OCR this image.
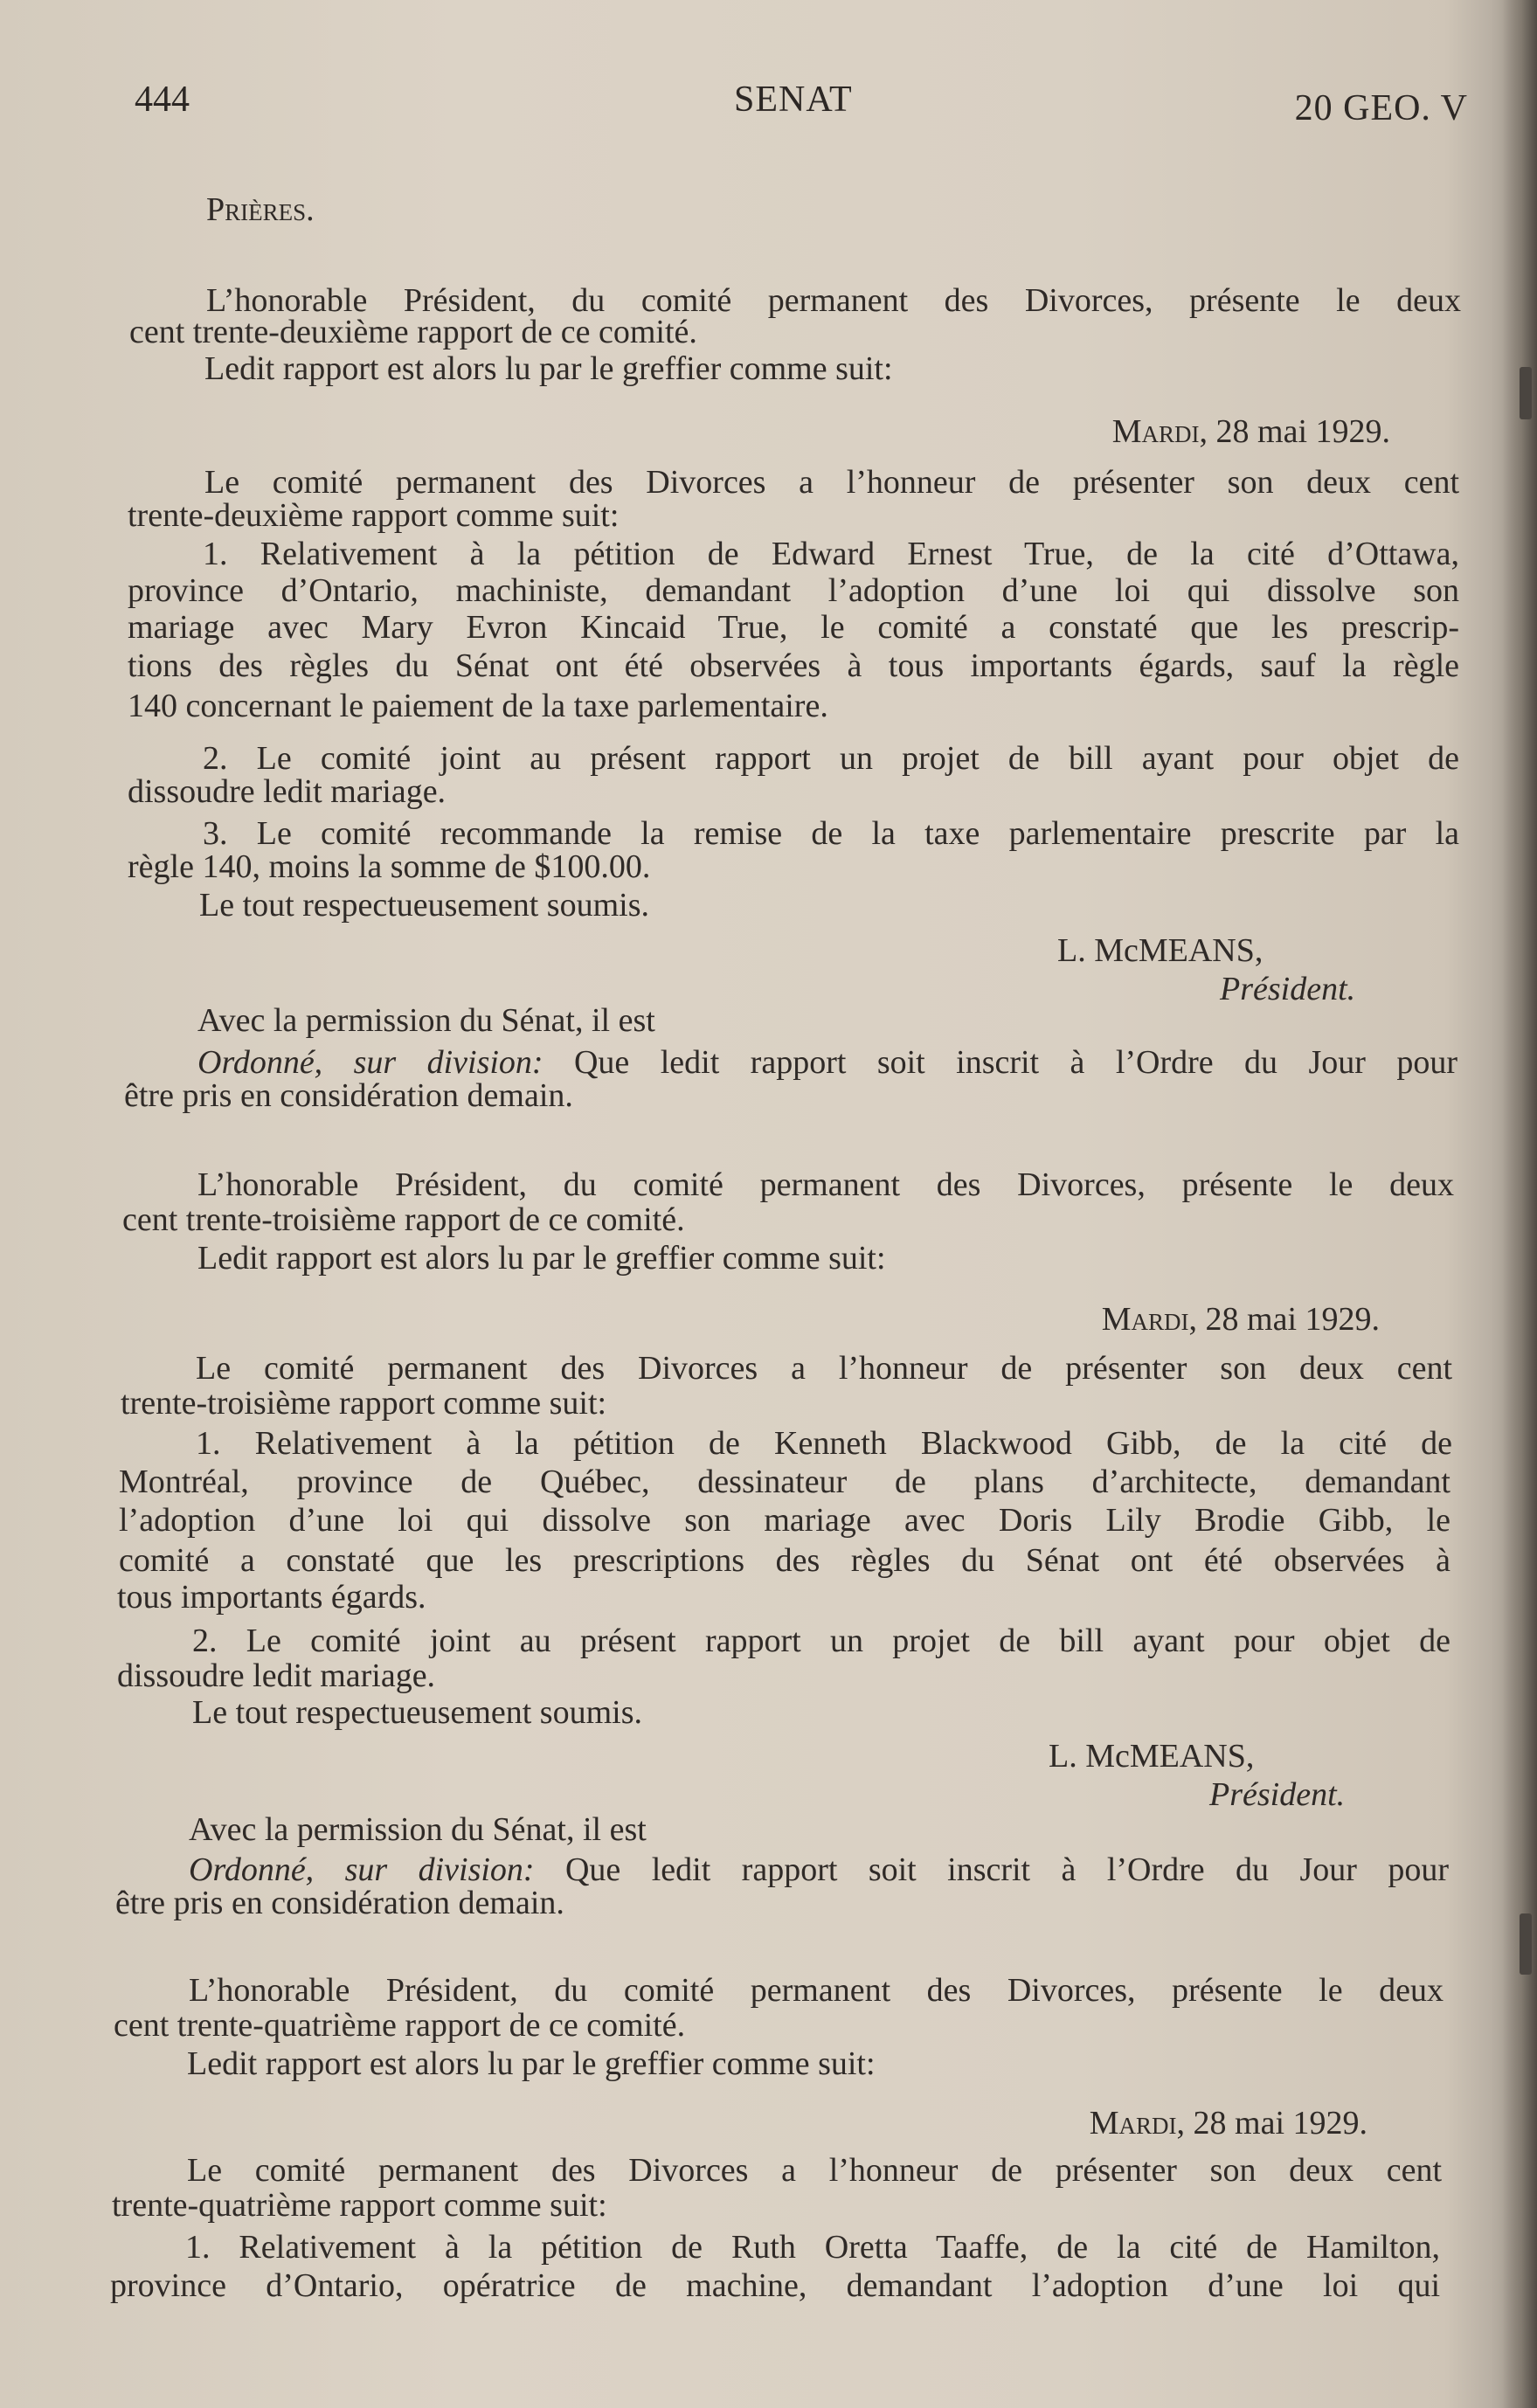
444	SENAT	20 GEO. V
Prières.
L’honorable Président, du comité permanent des Divorces, présente le deux
cent trente-deuxième rapport de ce comité.
Ledit rapport est alors lu par le greffier comme suit:
Mardi, 28 mai 1929.
Le comité permanent des Divorces a l’honneur de présenter son deux cent
trente-deuxième rapport comme suit:
1. Relativement à la pétition de Edward Ernest True, de la cité d’Ottawa,
province d’Ontario, machiniste, demandant l’adoption d’une loi qui dissolve son
mariage avec Mary Evron Kincaid True, le comité a constaté que les prescrip-
tions des règles du Sénat ont été observées à tous importants égards, sauf la règle
140 concernant le paiement de la taxe parlementaire.
2. Le comité joint au présent rapport un projet de bill ayant pour objet de
dissoudre ledit mariage.
3. Le comité recommande la remise de la taxe parlementaire prescrite par la
règle 140, moins la somme de $100.00.
Le tout respectueusement soumis.
L. McMEANS,
Président.
Avec la permission du Sénat, il est
Ordonné, sur division: Que ledit rapport soit inscrit à l’Ordre du Jour pour
être pris en considération demain.
L’honorable Président, du comité permanent des Divorces, présente le deux
cent trente-troisième rapport de ce comité.
Ledit rapport est alors lu par le greffier comme suit:
Mardi, 28 mai 1929.
Le comité permanent des Divorces a l’honneur de présenter son deux cent
trente-troisième rapport comme suit:
1. Relativement à la pétition de Kenneth Blackwood Gibb, de la cité de
Montréal, province de Québec, dessinateur de plans d’architecte, demandant
l’adoption d’une loi qui dissolve son mariage avec Doris Lily Brodie Gibb, le
comité a constaté que les prescriptions des règles du Sénat ont été observées à
tous importants égards.
2. Le comité joint au présent rapport un projet de bill ayant pour objet de
dissoudre ledit mariage.
Le tout respectueusement soumis.
L. McMEANS,
Président.
Avec la permission du Sénat, il est
Ordonné, sur division: Que ledit rapport soit inscrit à l’Ordre du Jour pour
être pris en considération demain.
L’honorable Président, du comité permanent des Divorces, présente le deux
cent trente-quatrième rapport de ce comité.
Ledit rapport est alors lu par le greffier comme suit:
Mardi, 28 mai 1929.
Le comité permanent des Divorces a l’honneur de présenter son deux cent
trente-quatrième rapport comme suit:
1. Relativement à la pétition de Ruth Oretta Taaffe, de la cité de Hamilton,
province d’Ontario, opératrice de machine, demandant l’adoption d’une loi qui
